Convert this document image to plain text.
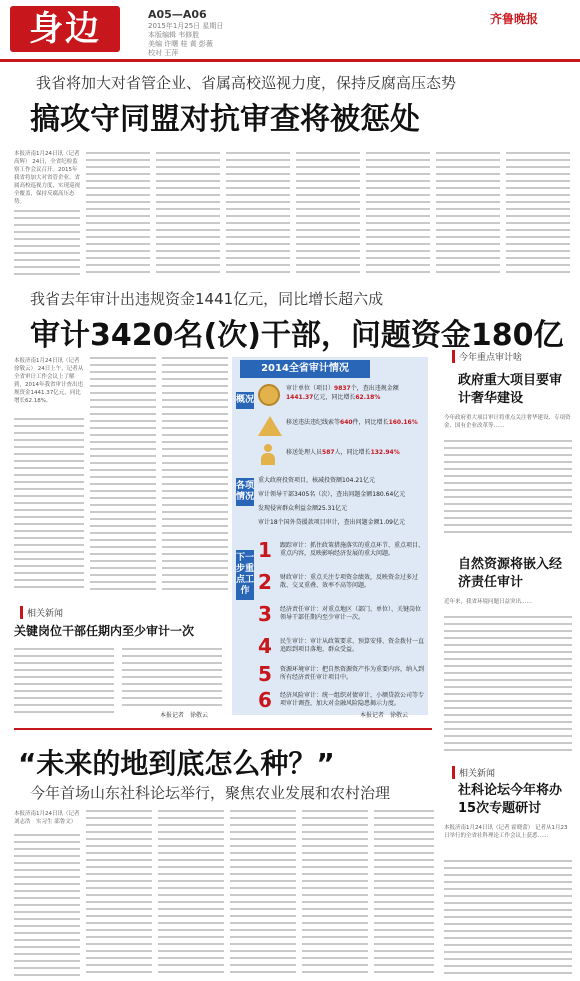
身边	A05—A06
2015年1月25日 星期日
本版编辑 韦修胜
美编 许曙 桂 黄 彭薇
校对 王萍
齐鲁晚报
我省将加大对省管企业、省属高校巡视力度，保持反腐高压态势
搞攻守同盟对抗审查将被惩处
本报济南1月24日讯（记者 高辉） 24日，全省纪检监察工作会议召开。2015年我省将加大对省管企业、省属高校巡视力度，实现巡视全覆盖，保持反腐高压态势。
我省去年审计出违规资金1441亿元，同比增长超六成
审计3420名(次)干部，问题资金180亿
本报济南1月24日讯（记者 徐敬云） 24日上午，记者从全省审计工作会议上了解到，2014年我省审计查出违规资金1441.37亿元，同比增长62.18%。
2014全省审计情况
概况
审计单位（项目）9837个，查出违规金额1441.37亿元，同比增长62.18%
移送违法违纪线索等640件，同比增长160.16%
移送处理人员587人，同比增长132.94%
各项情况
重大政府投资项目，核减投资额104.21亿元
审计领导干部3405名（次），查出问题金额180.64亿元
发现侵害群众利益金额25.31亿元
审计18个国外贷援款项目审计，查出问题金额1.09亿元
下一步重点工作
1 跟踪审计：抓住政策措施落实的重点环节、重点项目、重点内容，反映影响经济发展的重大问题。
2 财政审计：重点关注专项资金绩效，反映资金过多过散、交叉重叠、效率不高等问题。
3 经济责任审计：对重点地区（部门、单位）、关键岗位领导干部任期内至少审计一次。
4 民生审计：审计从政策要求、预算安排、资金拨付一直追踪到项目落地、群众受益。
5 资源环境审计：把自然资源资产作为重要内容，纳入到所有经济责任审计项目中。
6 经济风险审计：统一组织对债审计，小额贷款公司等专项审计调查，加大对金融风险隐患揭示力度。
今年重点审计啥
政府重大项目要审计奢华建设
今年政府重大项目审计将重点关注奢华建设、专项资金、国有企业改革等……
自然资源将嵌入经济责任审计
近年来，我省环境问题日益突出……
相关新闻
社科论坛今年将办15次专题研讨
本报济南1月24日讯（记者 霍晓蕾） 记者从1月23日举行的全省社科理论工作会议上获悉……
相关新闻
关键岗位干部任期内至少审计一次
本报记者　徐敬云	本报记者　徐敬云
“未来的地到底怎么种？”
今年首场山东社科论坛举行，聚焦农业发展和农村治理
本报济南1月24日讯（记者 刘志浩　实习生 邵鲁文）
